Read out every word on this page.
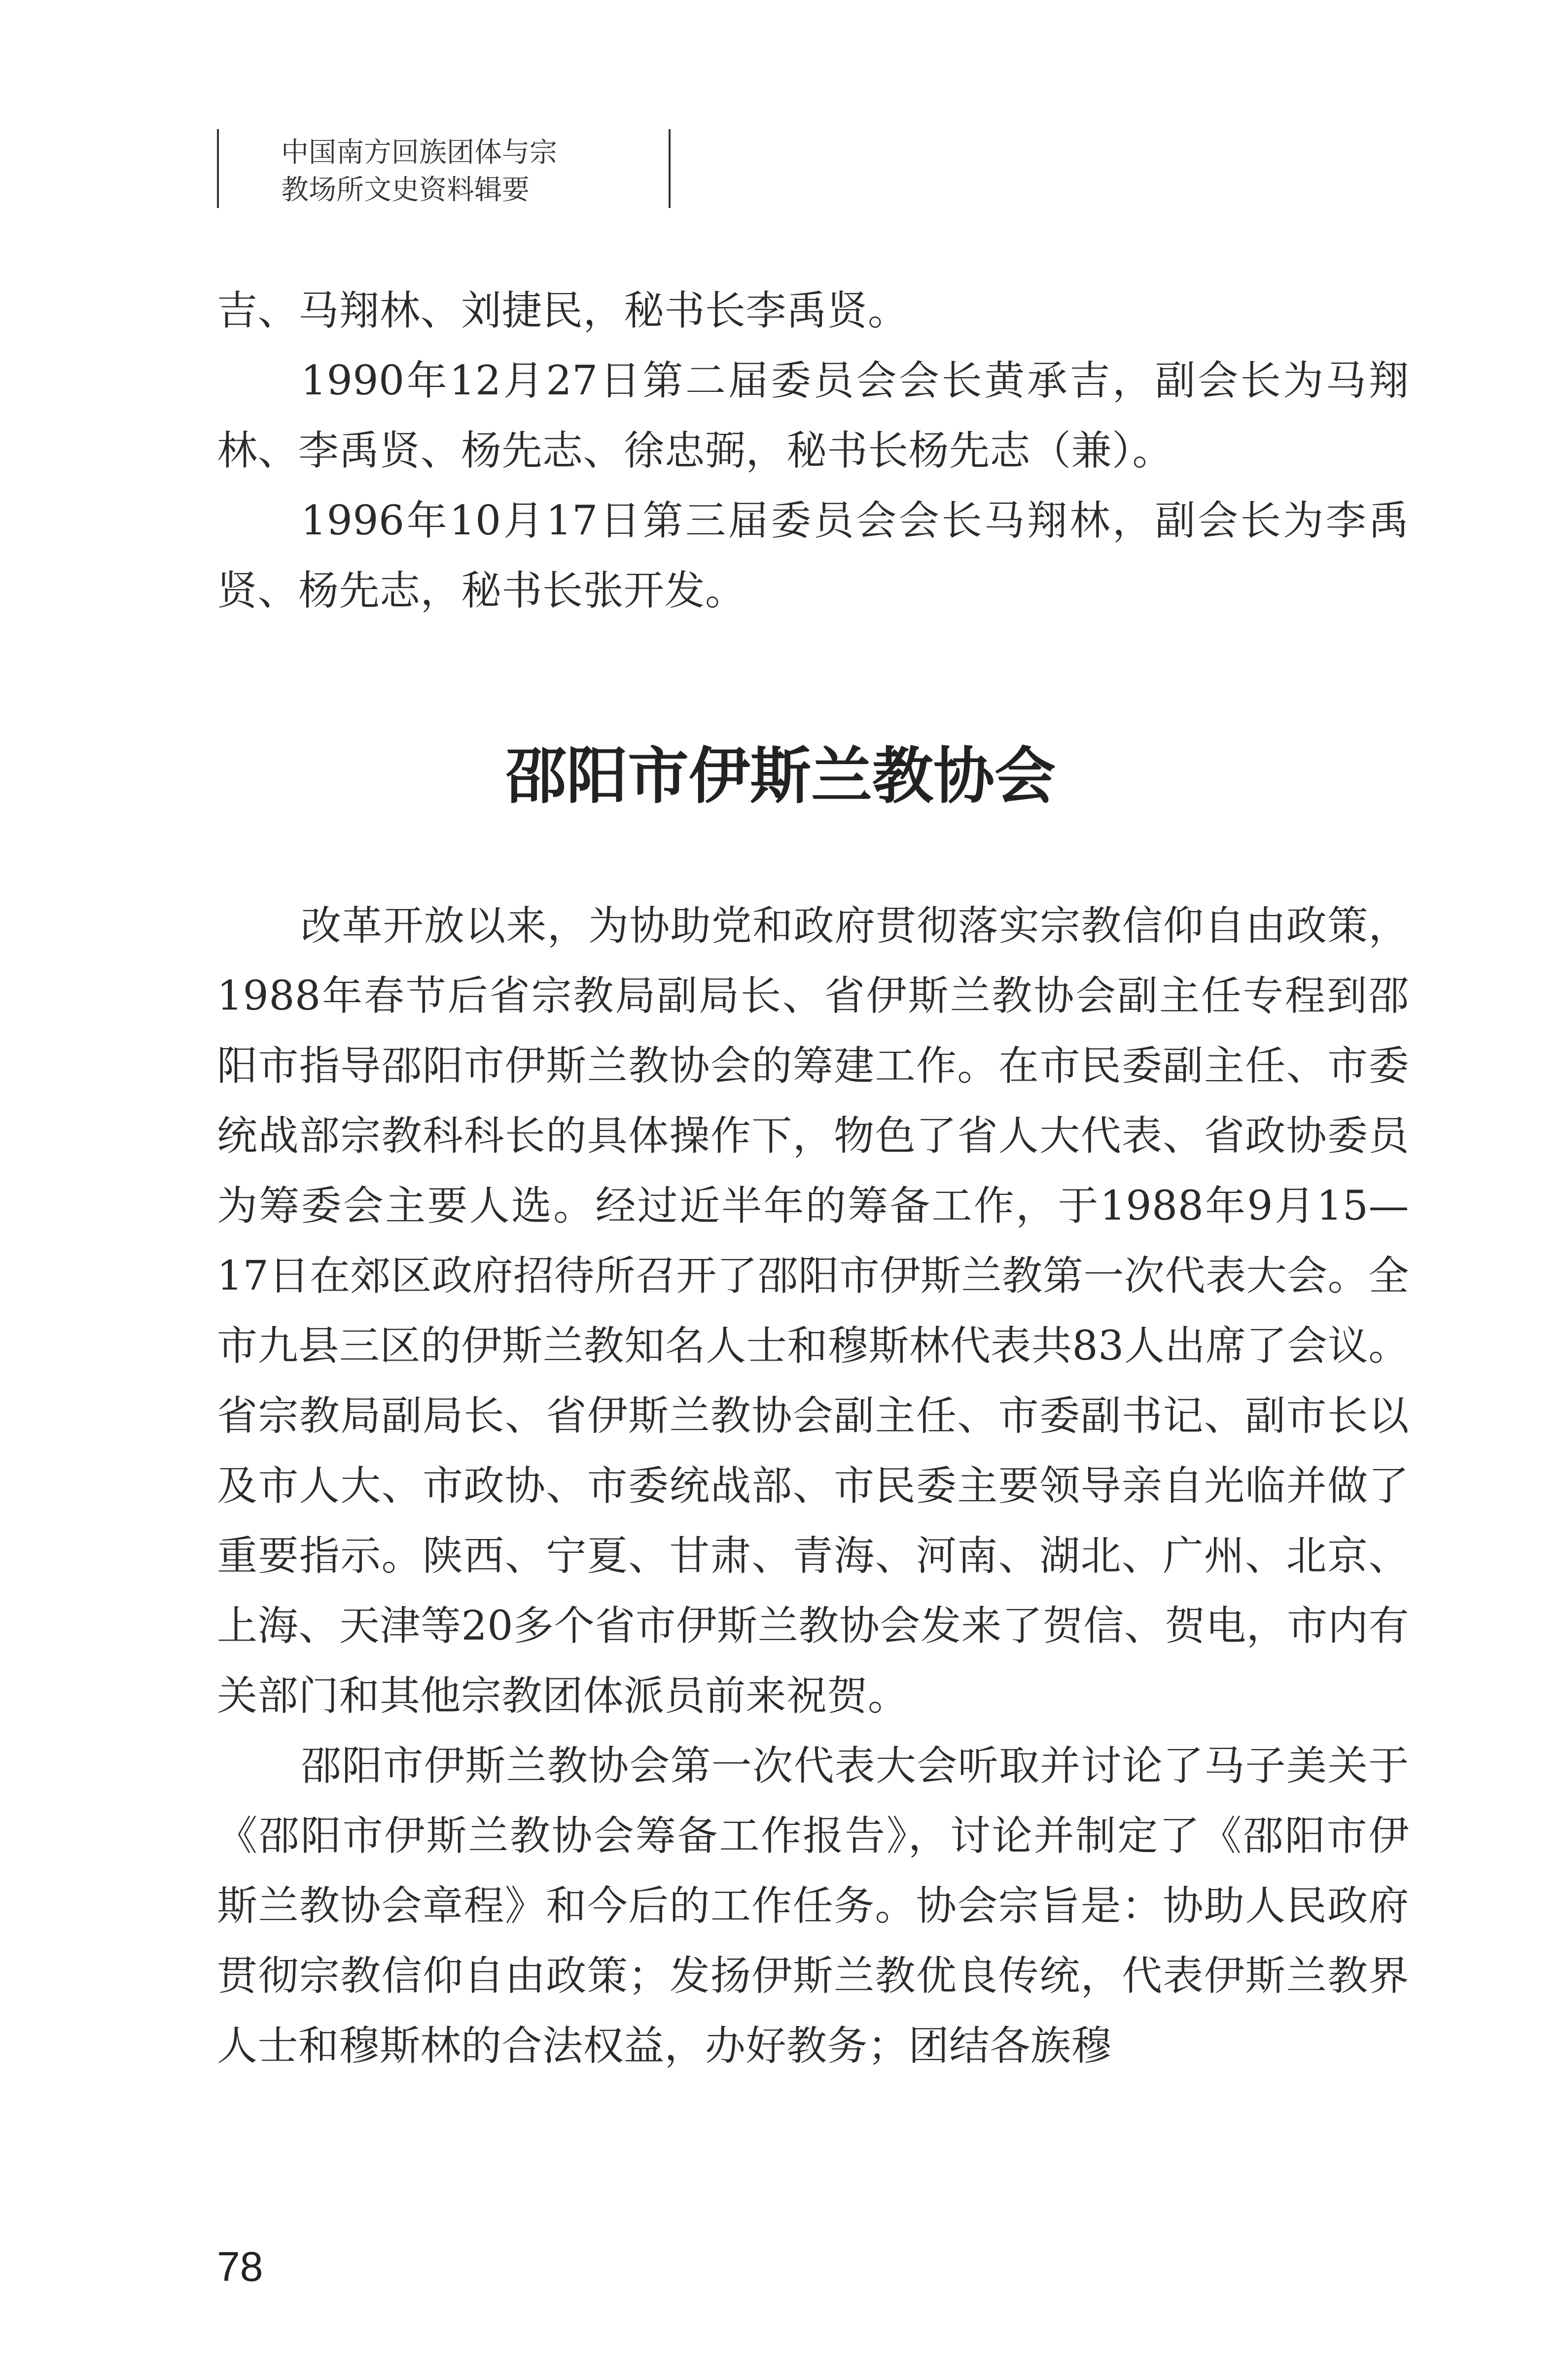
中国南方回族团体与宗
教场所文史资料辑要

吉、马翔林、刘捷民，秘书长李禹贤。

1990年12月27日第二届委员会会长黄承吉，副会长为马翔林、李禹贤、杨先志、徐忠弼，秘书长杨先志（兼）。

1996年10月17日第三届委员会会长马翔林，副会长为李禹贤、杨先志，秘书长张开发。

邵阳市伊斯兰教协会

改革开放以来，为协助党和政府贯彻落实宗教信仰自由政策，1988年春节后省宗教局副局长、省伊斯兰教协会副主任专程到邵阳市指导邵阳市伊斯兰教协会的筹建工作。在市民委副主任、市委统战部宗教科科长的具体操作下，物色了省人大代表、省政协委员为筹委会主要人选。经过近半年的筹备工作，于1988年9月15—17日在郊区政府招待所召开了邵阳市伊斯兰教第一次代表大会。全市九县三区的伊斯兰教知名人士和穆斯林代表共83人出席了会议。省宗教局副局长、省伊斯兰教协会副主任、市委副书记、副市长以及市人大、市政协、市委统战部、市民委主要领导亲自光临并做了重要指示。陕西、宁夏、甘肃、青海、河南、湖北、广州、北京、上海、天津等20多个省市伊斯兰教协会发来了贺信、贺电，市内有关部门和其他宗教团体派员前来祝贺。

邵阳市伊斯兰教协会第一次代表大会听取并讨论了马子美关于《邵阳市伊斯兰教协会筹备工作报告》，讨论并制定了《邵阳市伊斯兰教协会章程》和今后的工作任务。协会宗旨是：协助人民政府贯彻宗教信仰自由政策；发扬伊斯兰教优良传统，代表伊斯兰教界人士和穆斯林的合法权益，办好教务；团结各族穆

78
